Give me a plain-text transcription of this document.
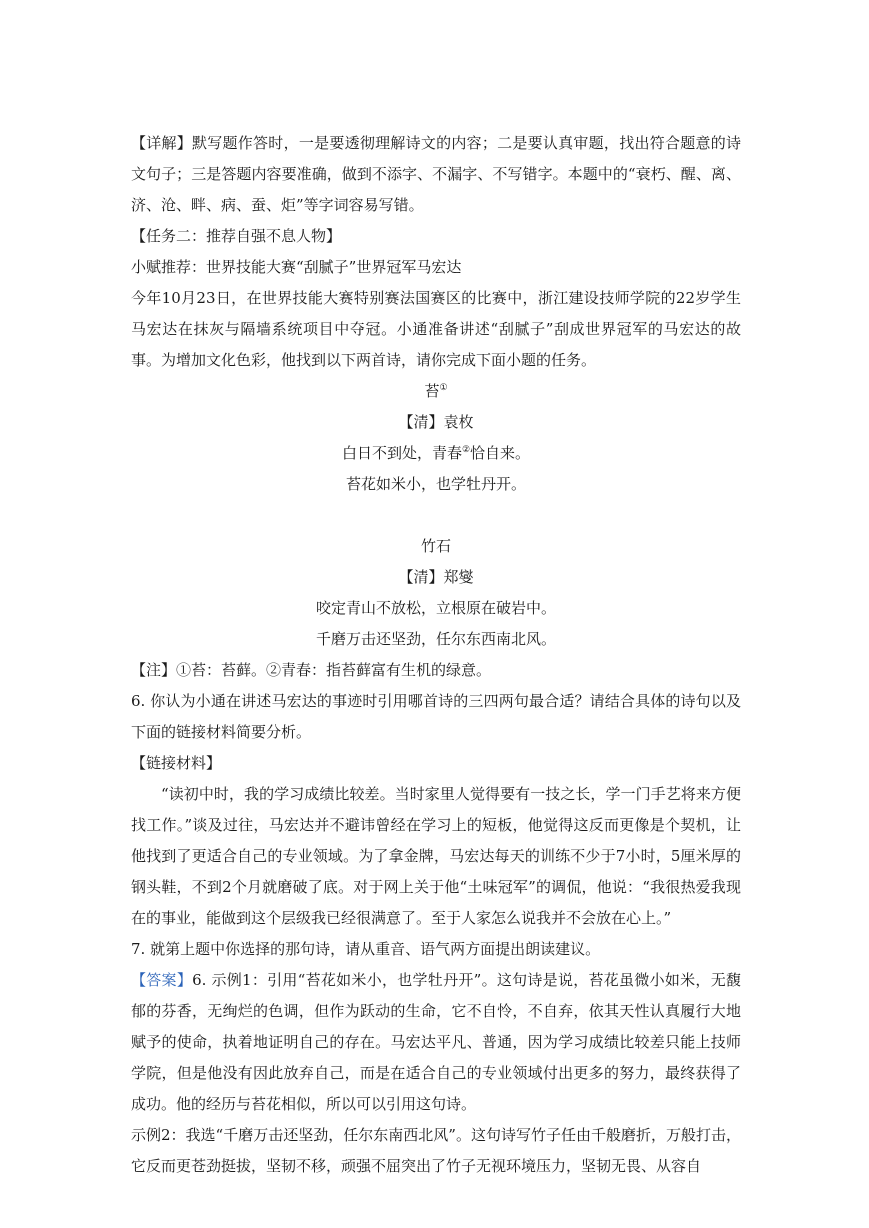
【详解】默写题作答时，一是要透彻理解诗文的内容；二是要认真审题，找出符合题意的诗文句子；三是答题内容要准确，做到不添字、不漏字、不写错字。本题中的“衰朽、醒、离、济、沧、畔、病、蚕、炬”等字词容易写错。

【任务二：推荐自强不息人物】

小赋推荐：世界技能大赛“刮腻子”世界冠军马宏达

今年10月23日，在世界技能大赛特别赛法国赛区的比赛中，浙江建设技师学院的22岁学生马宏达在抹灰与隔墙系统项目中夺冠。小通准备讲述“刮腻子”刮成世界冠军的马宏达的故事。为增加文化色彩，他找到以下两首诗，请你完成下面小题的任务。

苔①

【清】袁枚

白日不到处，青春②恰自来。

苔花如米小，也学牡丹开。

竹石

【清】郑燮

咬定青山不放松，立根原在破岩中。

千磨万击还坚劲，任尔东西南北风。

【注】①苔：苔藓。②青春：指苔藓富有生机的绿意。

6. 你认为小通在讲述马宏达的事迹时引用哪首诗的三四两句最合适？请结合具体的诗句以及下面的链接材料简要分析。

【链接材料】

“读初中时，我的学习成绩比较差。当时家里人觉得要有一技之长，学一门手艺将来方便找工作。”谈及过往，马宏达并不避讳曾经在学习上的短板，他觉得这反而更像是个契机，让他找到了更适合自己的专业领域。为了拿金牌，马宏达每天的训练不少于7小时，5厘米厚的钢头鞋，不到2个月就磨破了底。对于网上关于他“土味冠军”的调侃，他说：“我很热爱我现在的事业，能做到这个层级我已经很满意了。至于人家怎么说我并不会放在心上。”

7. 就第上题中你选择的那句诗，请从重音、语气两方面提出朗读建议。

【答案】6. 示例1：引用“苔花如米小，也学牡丹开”。这句诗是说，苔花虽微小如米，无馥郁的芬香，无绚烂的色调，但作为跃动的生命，它不自怜，不自弃，依其天性认真履行大地赋予的使命，执着地证明自己的存在。马宏达平凡、普通，因为学习成绩比较差只能上技师学院，但是他没有因此放弃自己，而是在适合自己的专业领域付出更多的努力，最终获得了成功。他的经历与苔花相似，所以可以引用这句诗。

示例2：我选“千磨万击还坚劲，任尔东南西北风”。这句诗写竹子任由千般磨折，万般打击，它反而更苍劲挺拔，坚韧不移，顽强不屈突出了竹子无视环境压力，坚韧无畏、从容自
